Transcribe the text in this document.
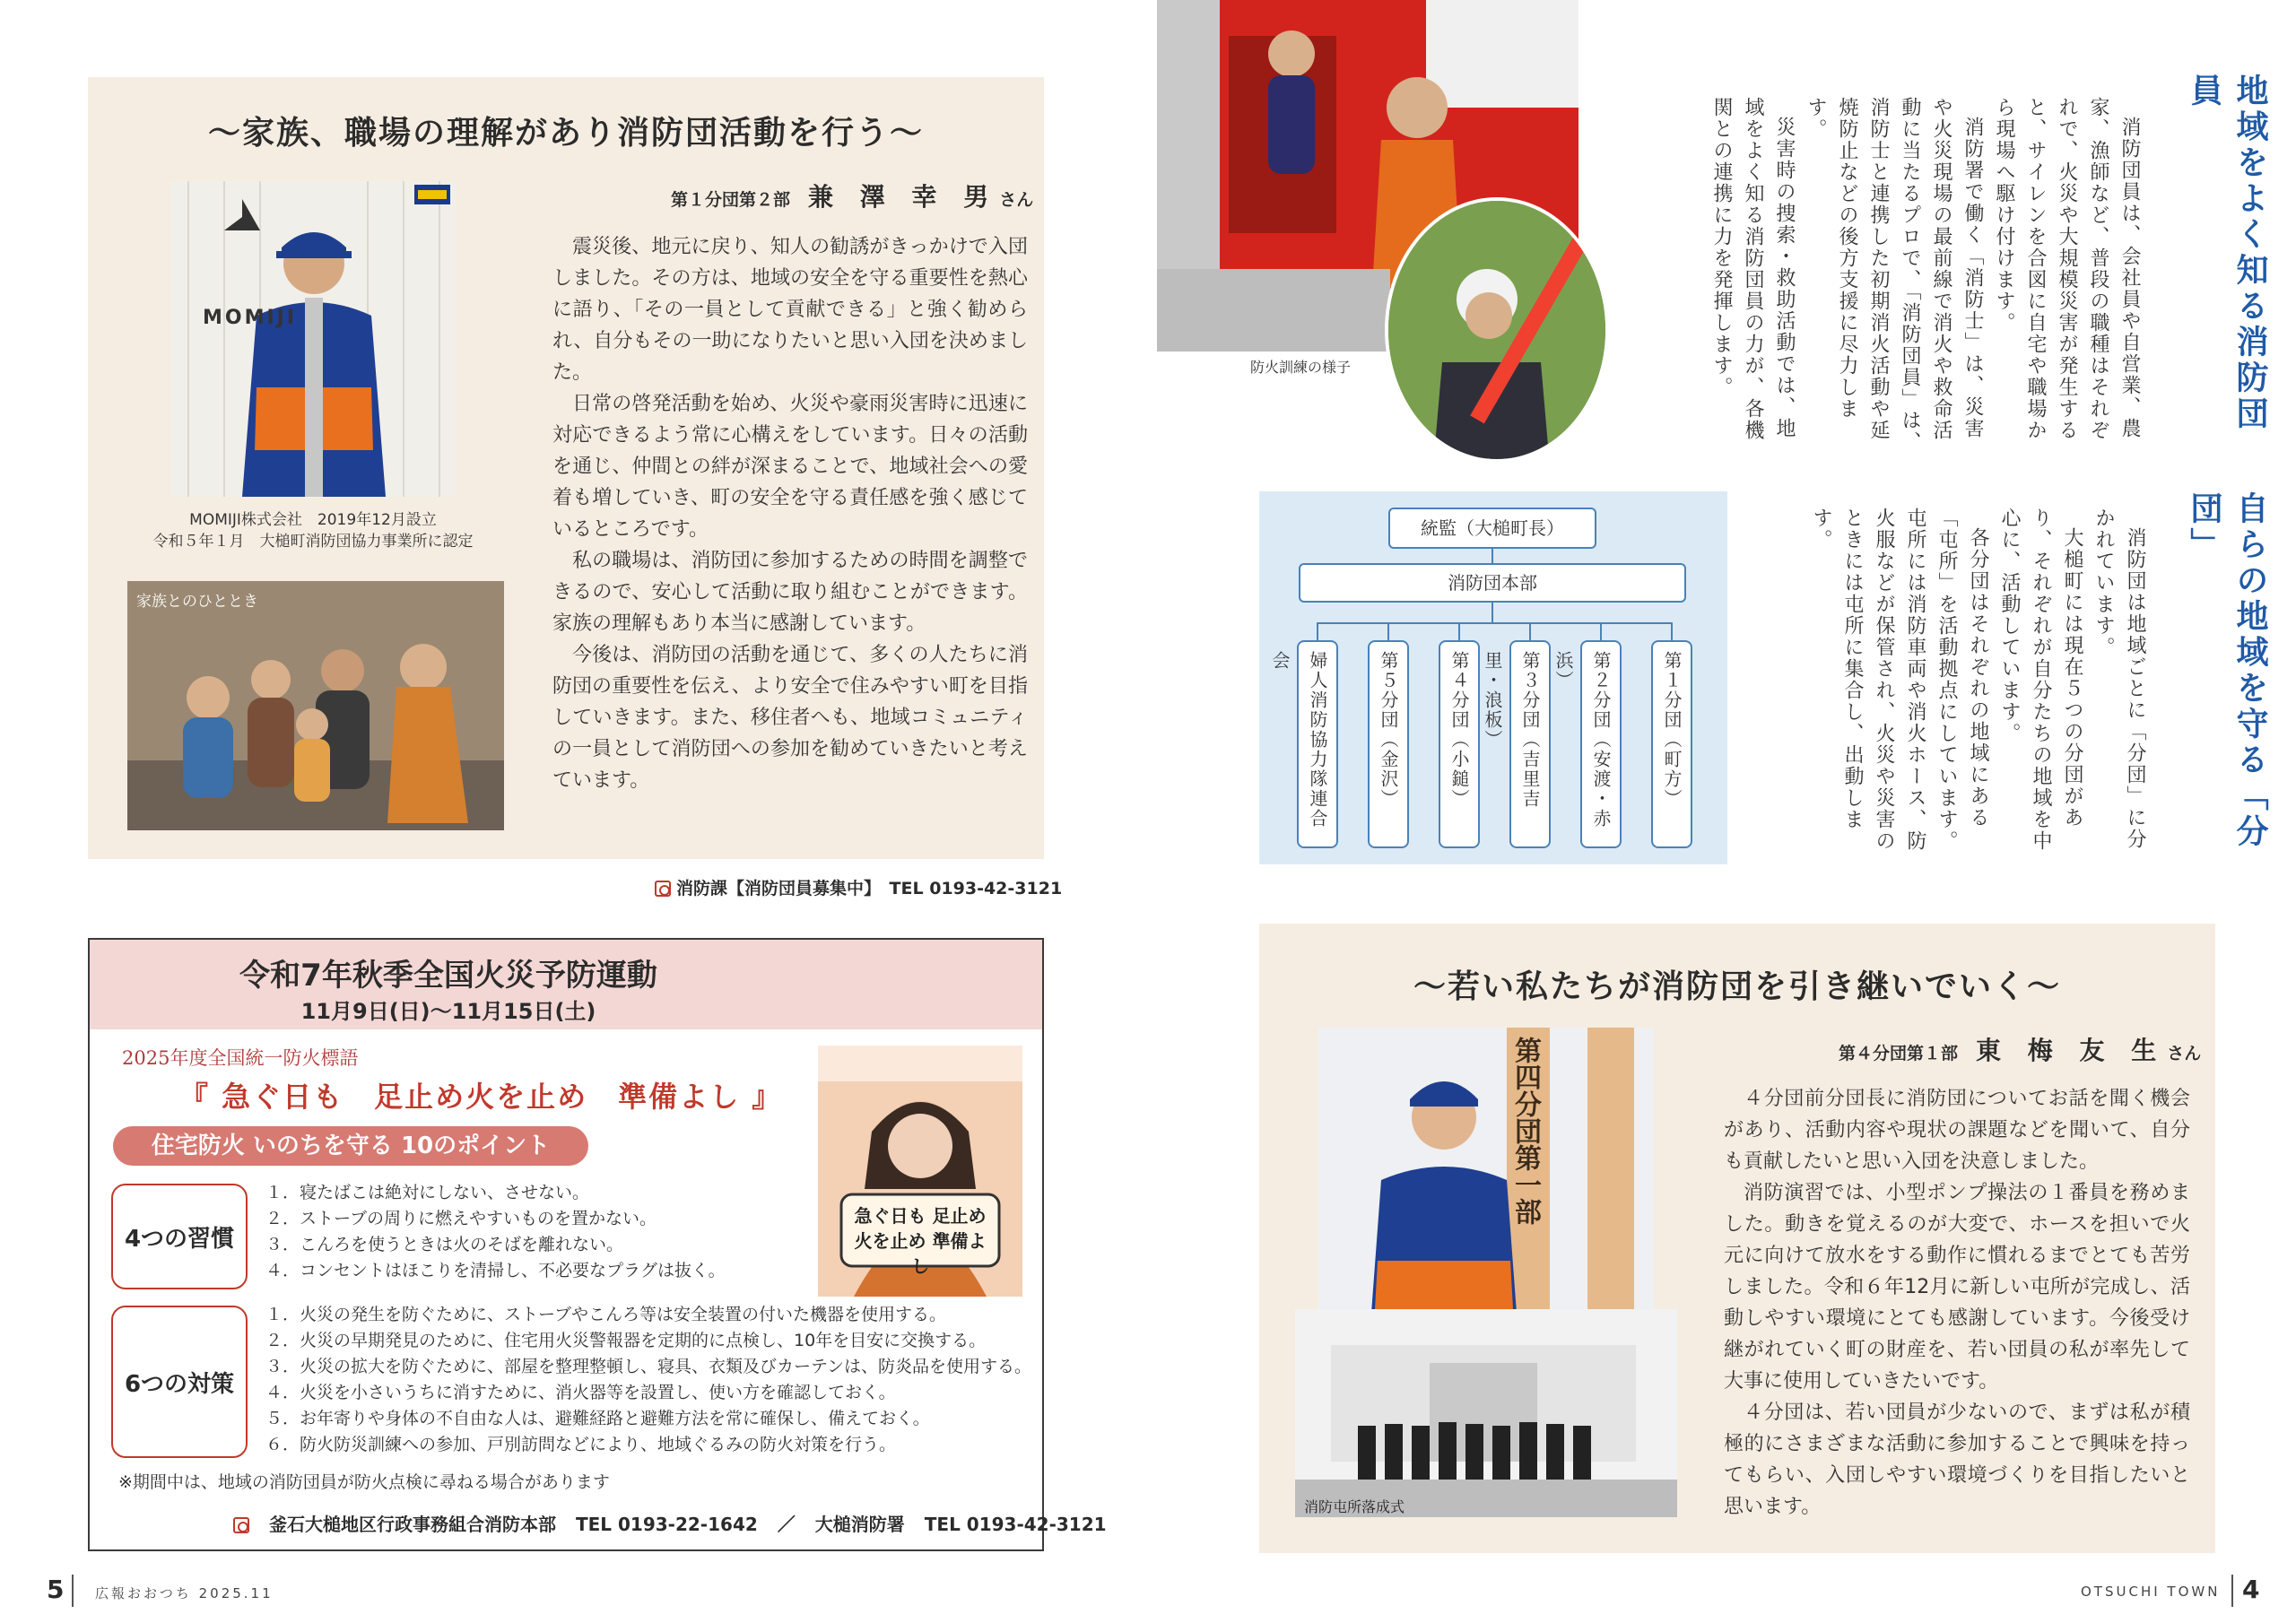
～家族、職場の理解があり消防団活動を行う～
第１分団第２部 兼 澤 幸 男 さん
MOMIJI
MOMIJI株式会社　2019年12月設立
令和５年１月　大槌町消防団協力事業所に認定
家族とのひととき

震災後、地元に戻り、知人の勧誘がきっかけで入団しました。その方は、地域の安全を守る重要性を熱心に語り、「その一員として貢献できる」と強く勧められ、自分もその一助になりたいと思い入団を決めました。

日常の啓発活動を始め、火災や豪雨災害時に迅速に対応できるよう常に心構えをしています。日々の活動を通じ、仲間との絆が深まることで、地域社会への愛着も増していき、町の安全を守る責任感を強く感じているところです。

私の職場は、消防団に参加するための時間を調整できるので、安心して活動に取り組むことができます。家族の理解もあり本当に感謝しています。

今後は、消防団の活動を通じて、多くの人たちに消防団の重要性を伝え、より安全で住みやすい町を目指していきます。また、移住者へも、地域コミュニティの一員として消防団への参加を勧めていきたいと考えています。

消防課【消防団員募集中】　 TEL 0193-42-3121
令和7年秋季全国火災予防運動
11月9日(日)～11月15日(土)
2025年度全国統一防火標語
『 急ぐ日も　足止め火を止め　準備よし 』
住宅防火 いのちを守る 10のポイント
4つの習慣
１．寝たばこは絶対にしない、させない。
２．ストーブの周りに燃えやすいものを置かない。
３．こんろを使うときは火のそばを離れない。
４．コンセントはほこりを清掃し、不必要なプラグは抜く。
6つの対策
１．火災の発生を防ぐために、ストーブやこんろ等は安全装置の付いた機器を使用する。
２．火災の早期発見のために、住宅用火災警報器を定期的に点検し、10年を目安に交換する。
３．火災の拡大を防ぐために、部屋を整理整頓し、寝具、衣類及びカーテンは、防炎品を使用する。
４．火災を小さいうちに消すために、消火器等を設置し、使い方を確認しておく。
５．お年寄りや身体の不自由な人は、避難経路と避難方法を常に確保し、備えておく。
６．防火防災訓練への参加、戸別訪問などにより、地域ぐるみの防火対策を行う。
※期間中は、地域の消防団員が防火点検に尋ねる場合があります
釜石大槌地区行政事務組合消防本部 TEL 0193-22-1642 ／ 大槌消防署 TEL 0193-42-3121
急ぐ日も 足止め火を止め 準備よし
5 広報おおつち 2025.11
防火訓練の様子	地域をよく知る消防団員

消防団員は、会社員や自営業、農家、漁師など、普段の職種はそれぞれで、火災や大規模災害が発生すると、サイレンを合図に自宅や職場から現場へ駆け付けます。

消防署で働く「消防士」は、災害や火災現場の最前線で消火や救命活動に当たるプロで、「消防団員」は、消防士と連携した初期消火活動や延焼防止などの後方支援に尽力します。

災害時の捜索・救助活動では、地域をよく知る消防団員の力が、各機関との連携に力を発揮します。

自らの地域を守る「分団」

消防団は地域ごとに「分団」に分かれています。

大槌町には現在５つの分団があり、それぞれが自分たちの地域を中心に、活動しています。

各分団はそれぞれの地域にある「屯所」を活動拠点にしています。屯所には消防車両や消火ホース、防火服などが保管され、火災や災害のときには屯所に集合し、出動します。

統監（大槌町長）
消防団本部
第１分団（町方）
第２分団（安渡・赤浜）
第３分団（吉里吉里・浪板）
第４分団（小鎚）
第５分団（金沢）
婦人消防協力隊連合会
～若い私たちが消防団を引き継いでいく～
第４分団第１部 東 梅 友 生 さん
第四分団第一部
消防屯所落成式

４分団前分団長に消防団についてお話を聞く機会があり、活動内容や現状の課題などを聞いて、自分も貢献したいと思い入団を決意しました。

消防演習では、小型ポンプ操法の１番員を務めました。動きを覚えるのが大変で、ホースを担いで火元に向けて放水をする動作に慣れるまでとても苦労しました。令和６年12月に新しい屯所が完成し、活動しやすい環境にとても感謝しています。今後受け継がれていく町の財産を、若い団員の私が率先して大事に使用していきたいです。

４分団は、若い団員が少ないので、まずは私が積極的にさまざまな活動に参加することで興味を持ってもらい、入団しやすい環境づくりを目指したいと思います。

OTSUCHI TOWN 4
